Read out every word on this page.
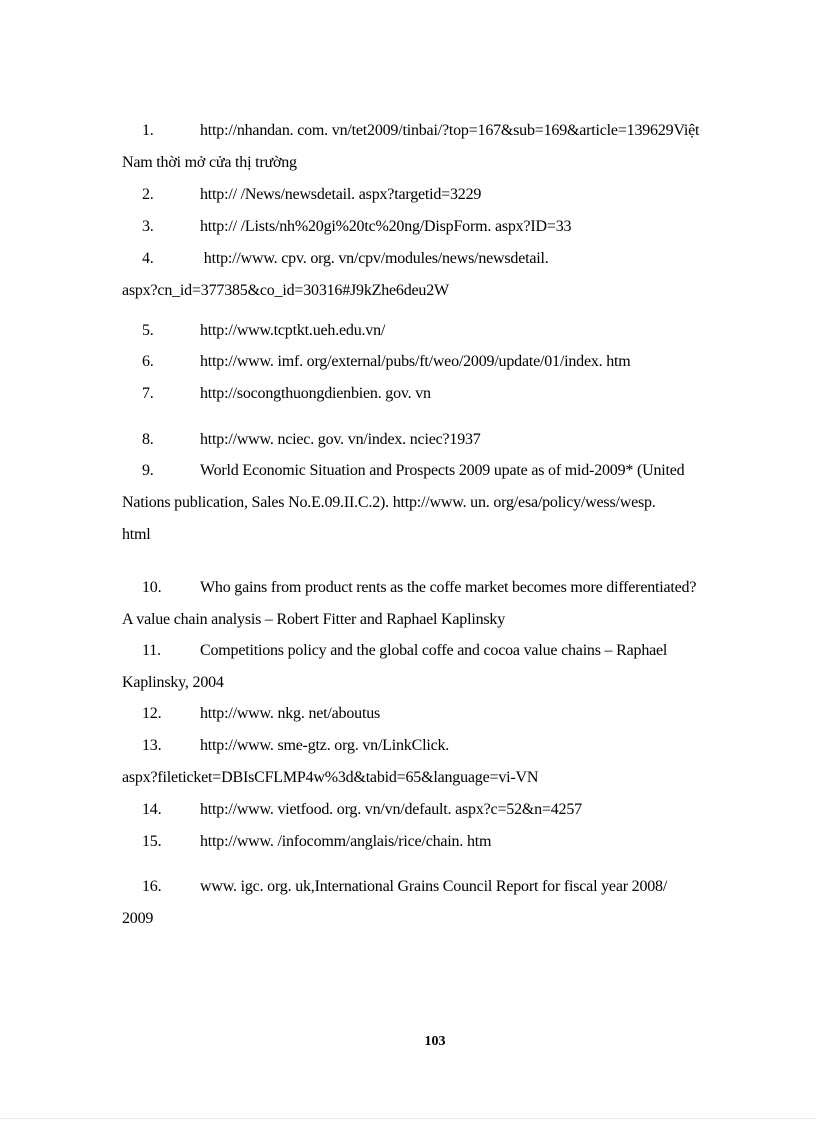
1.	http://nhandan. com. vn/tet2009/tinbai/?top=167&sub=169&article=139629Việt
Nam thời mở cửa thị trường
2.	http:// /News/newsdetail. aspx?targetid=3229
3.	http:// /Lists/nh%20gi%20tc%20ng/DispForm. aspx?ID=33
4.	http://www. cpv. org. vn/cpv/modules/news/newsdetail.
aspx?cn_id=377385&co_id=30316#J9kZhe6deu2W
5.	http://www.tcptkt.ueh.edu.vn/
6.	http://www. imf. org/external/pubs/ft/weo/2009/update/01/index. htm
7.	http://socongthuongdienbien. gov. vn
8.	http://www. nciec. gov. vn/index. nciec?1937
9.	World Economic Situation and Prospects 2009 upate as of mid-2009* (United
Nations publication, Sales No.E.09.II.C.2). http://www. un. org/esa/policy/wess/wesp.
html
10. Who gains from product rents as the coffe market becomes more differentiated?
A value chain analysis – Robert Fitter and Raphael Kaplinsky
11. Competitions policy and the global coffe and cocoa value chains – Raphael
Kaplinsky, 2004
12. http://www. nkg. net/aboutus
13. http://www. sme-gtz. org. vn/LinkClick.
aspx?fileticket=DBIsCFLMP4w%3d&tabid=65&language=vi-VN
14. http://www. vietfood. org. vn/vn/default. aspx?c=52&n=4257
15. http://www. /infocomm/anglais/rice/chain. htm
16. www. igc. org. uk,International Grains Council Report for fiscal year 2008/
2009
103
